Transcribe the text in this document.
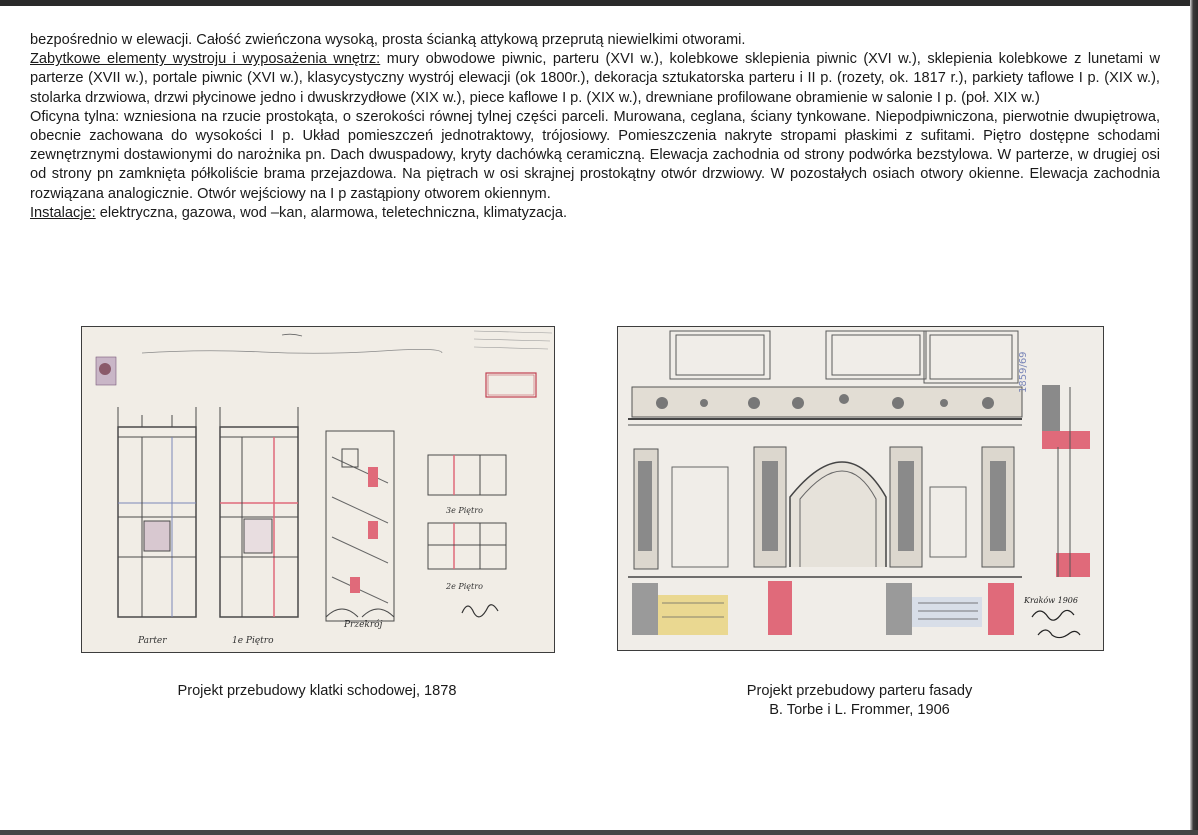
bezpośrednio w elewacji. Całość zwieńczona wysoką, prosta ścianką attykową przeprutą niewielkimi otworami.

Zabytkowe elementy wystroju i wyposażenia wnętrz: mury obwodowe piwnic, parteru (XVI w.), kolebkowe sklepienia piwnic (XVI w.), sklepienia kolebkowe z lunetami w parterze (XVII w.), portale piwnic (XVI w.), klasycystyczny wystrój elewacji (ok 1800r.), dekoracja sztukatorska parteru i II p. (rozety, ok. 1817 r.), parkiety taflowe I p. (XIX w.), stolarka drzwiowa, drzwi płycinowe jedno i dwuskrzydłowe (XIX w.), piece kaflowe I p. (XIX w.), drewniane profilowane obramienie w salonie I p. (poł. XIX w.)

Oficyna tylna: wzniesiona na rzucie prostokąta, o szerokości równej tylnej części parceli. Murowana, ceglana, ściany tynkowane. Niepodpiwniczona, pierwotnie dwupiętrowa, obecnie zachowana do wysokości I p. Układ pomieszczeń jednotraktowy, trójosiowy. Pomieszczenia nakryte stropami płaskimi z sufitami. Piętro dostępne schodami zewnętrznymi dostawionymi do narożnika pn. Dach dwuspadowy, kryty dachówką ceramiczną. Elewacja zachodnia od strony podwórka bezstylowa. W parterze, w drugiej osi od strony pn zamknięta półkoliście brama przejazdowa. Na piętrach w osi skrajnej prostokątny otwór drzwiowy. W pozostałych osiach otwory okienne. Elewacja zachodnia rozwiązana analogicznie. Otwór wejściowy na I p zastąpiony otworem okiennym.

Instalacje: elektryczna, gazowa, wod –kan, alarmowa, teletechniczna, klimatyzacja.

Parter	1e Piętro
Przekrój
3e Piętro
2e Piętro
1859/69
Kraków 1906
Projekt przebudowy klatki schodowej, 1878	Projekt przebudowy parteru fasady
B. Torbe i L. Frommer, 1906
